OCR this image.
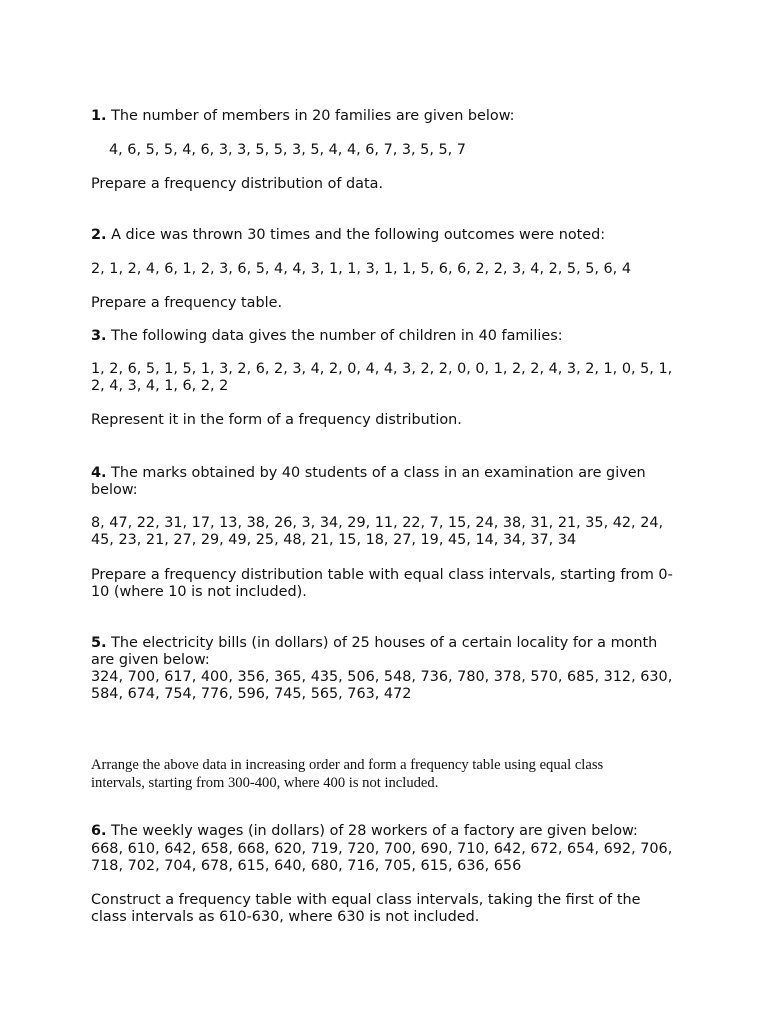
1. The number of members in 20 families are given below:

4, 6, 5, 5, 4, 6, 3, 3, 5, 5, 3, 5, 4, 4, 6, 7, 3, 5, 5, 7

Prepare a frequency distribution of data.

2. A dice was thrown 30 times and the following outcomes were noted:

2, 1, 2, 4, 6, 1, 2, 3, 6, 5, 4, 4, 3, 1, 1, 3, 1, 1, 5, 6, 6, 2, 2, 3, 4, 2, 5, 5, 6, 4

Prepare a frequency table.

3. The following data gives the number of children in 40 families:

1, 2, 6, 5, 1, 5, 1, 3, 2, 6, 2, 3, 4, 2, 0, 4, 4, 3, 2, 2, 0, 0, 1, 2, 2, 4, 3, 2, 1, 0, 5, 1,

2, 4, 3, 4, 1, 6, 2, 2

Represent it in the form of a frequency distribution.

4. The marks obtained by 40 students of a class in an examination are given

below:

8, 47, 22, 31, 17, 13, 38, 26, 3, 34, 29, 11, 22, 7, 15, 24, 38, 31, 21, 35, 42, 24,

45, 23, 21, 27, 29, 49, 25, 48, 21, 15, 18, 27, 19, 45, 14, 34, 37, 34

Prepare a frequency distribution table with equal class intervals, starting from 0-

10 (where 10 is not included).

5. The electricity bills (in dollars) of 25 houses of a certain locality for a month

are given below:

324, 700, 617, 400, 356, 365, 435, 506, 548, 736, 780, 378, 570, 685, 312, 630,

584, 674, 754, 776, 596, 745, 565, 763, 472

Arrange the above data in increasing order and form a frequency table using equal class

intervals, starting from 300-400, where 400 is not included.

6. The weekly wages (in dollars) of 28 workers of a factory are given below:

668, 610, 642, 658, 668, 620, 719, 720, 700, 690, 710, 642, 672, 654, 692, 706,

718, 702, 704, 678, 615, 640, 680, 716, 705, 615, 636, 656

Construct a frequency table with equal class intervals, taking the first of the

class intervals as 610-630, where 630 is not included.
